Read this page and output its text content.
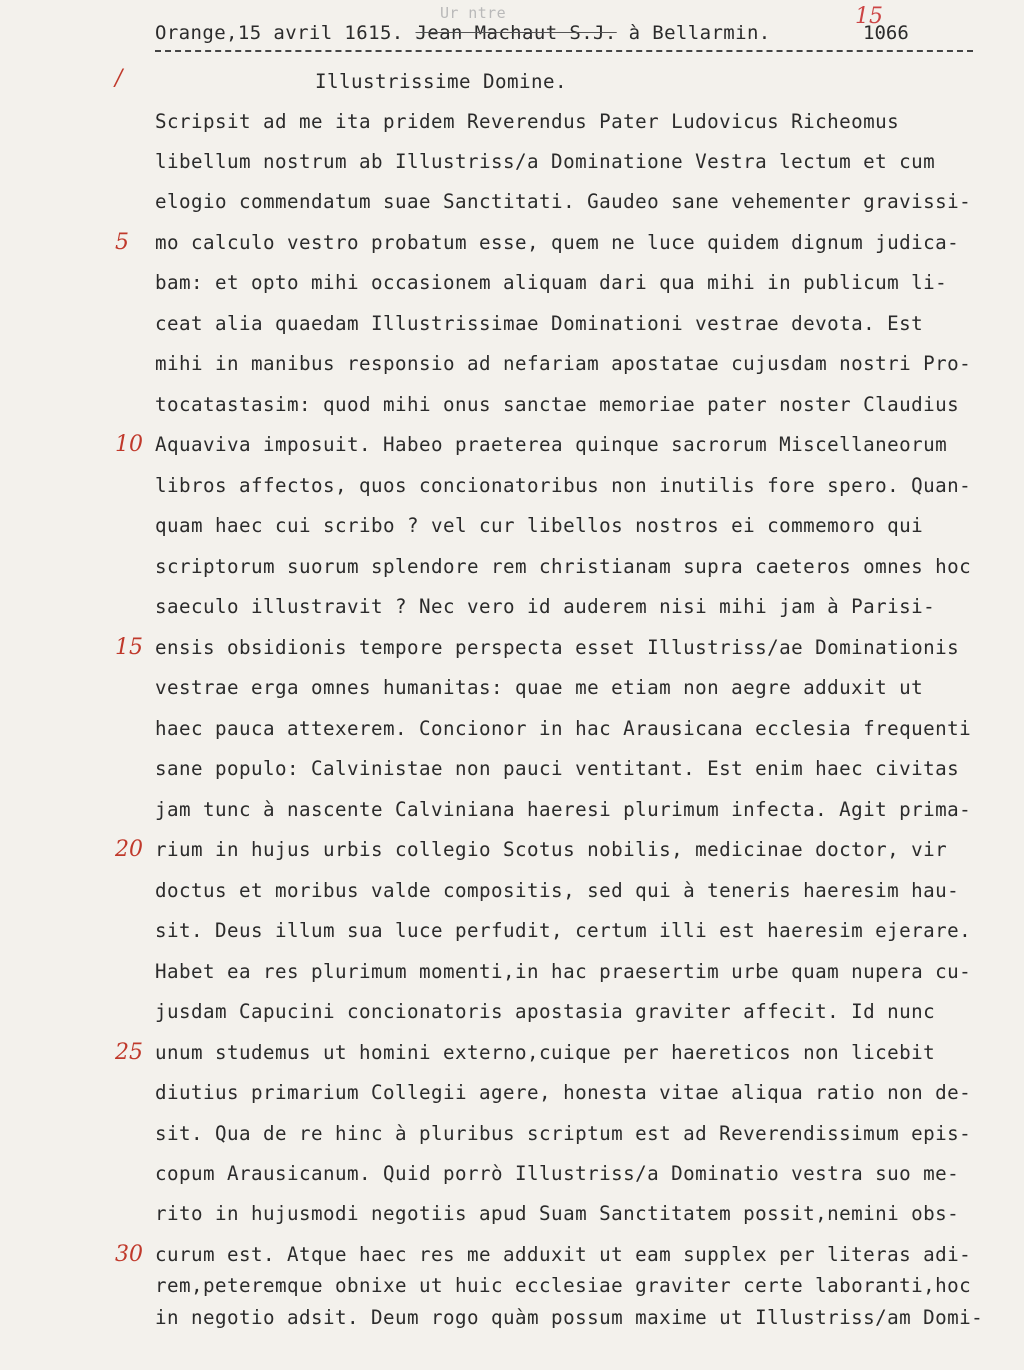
Orange,15 avril 1615. Jean Machaut S.J. à Bellarmin.
Ur ntre	15
1066
/	Illustrissime Domine.
5
10
15
20
25
30
Scripsit ad me ita pridem Reverendus Pater Ludovicus Richeomus
libellum nostrum ab Illustriss/a Dominatione Vestra lectum et cum
elogio commendatum suae Sanctitati. Gaudeo sane vehementer gravissi-
mo calculo vestro probatum esse, quem ne luce quidem dignum judica-
bam: et opto mihi occasionem aliquam dari qua mihi in publicum li-
ceat alia quaedam Illustrissimae Dominationi vestrae devota. Est
mihi in manibus responsio ad nefariam apostatae cujusdam nostri Pro-
tocatastasim: quod mihi onus sanctae memoriae pater noster Claudius
Aquaviva imposuit. Habeo praeterea quinque sacrorum Miscellaneorum
libros affectos, quos concionatoribus non inutilis fore spero. Quan-
quam haec cui scribo ? vel cur libellos nostros ei commemoro qui
scriptorum suorum splendore rem christianam supra caeteros omnes hoc
saeculo illustravit ? Nec vero id auderem nisi mihi jam à Parisi-
ensis obsidionis tempore perspecta esset Illustriss/ae Dominationis
vestrae erga omnes humanitas: quae me etiam non aegre adduxit ut
haec pauca attexerem. Concionor in hac Arausicana ecclesia frequenti
sane populo: Calvinistae non pauci ventitant. Est enim haec civitas
jam tunc à nascente Calviniana haeresi plurimum infecta. Agit prima-
rium in hujus urbis collegio Scotus nobilis, medicinae doctor, vir
doctus et moribus valde compositis, sed qui à teneris haeresim hau-
sit. Deus illum sua luce perfudit, certum illi est haeresim ejerare.
Habet ea res plurimum momenti,in hac praesertim urbe quam nupera cu-
jusdam Capucini concionatoris apostasia graviter affecit. Id nunc
unum studemus ut homini externo,cuique per haereticos non licebit
diutius primarium Collegii agere, honesta vitae aliqua ratio non de-
sit. Qua de re hinc à pluribus scriptum est ad Reverendissimum epis-
copum Arausicanum. Quid porrò Illustriss/a Dominatio vestra suo me-
rito in hujusmodi negotiis apud Suam Sanctitatem possit,nemini obs-
curum est. Atque haec res me adduxit ut eam supplex per literas adi-
rem,peteremque obnixe ut huic ecclesiae graviter certe laboranti,hoc
in negotio adsit. Deum rogo quàm possum maxime ut Illustriss/am Domi-
